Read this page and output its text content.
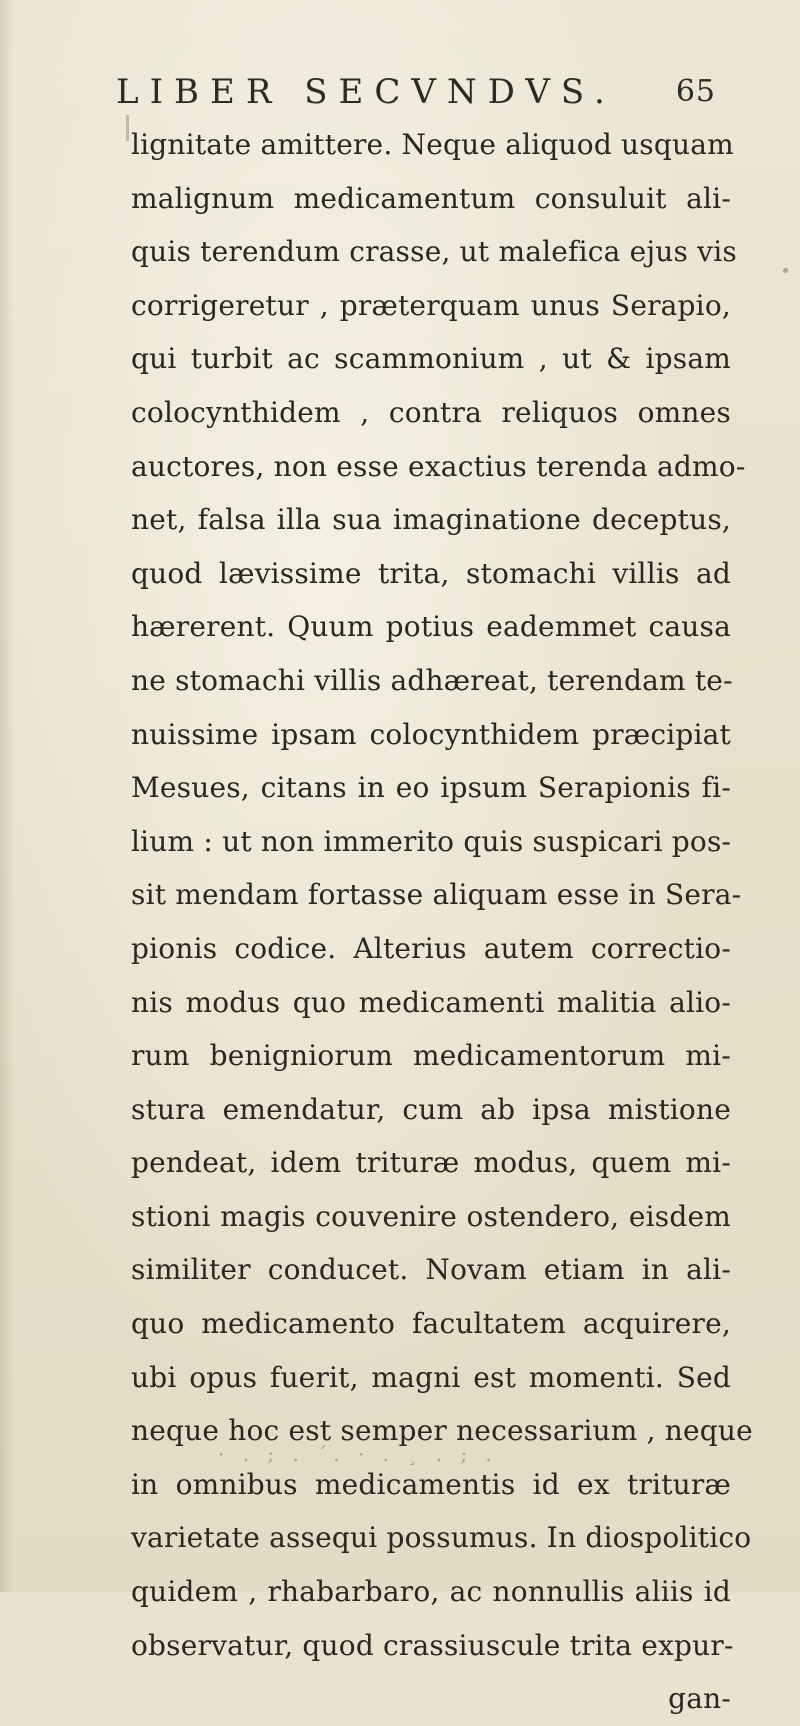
LIBER SECVNDVS. 65
lignitate amittere. Neque aliquod usquam
malignum medicamentum consuluit ali-
quis terendum crasse, ut malefica ejus vis
corrigeretur , præterquam unus Serapio,
qui turbit ac scammonium , ut & ipsam
colocynthidem , contra reliquos omnes
auctores, non esse exactius terenda admo-
net, falsa illa sua imaginatione deceptus,
quod lævissime trita, stomachi villis ad
hærerent. Quum potius eademmet causa
ne stomachi villis adhæreat, terendam te-
nuissime ipsam colocynthidem præcipiat
Mesues, citans in eo ipsum Serapionis fi-
lium : ut non immerito quis suspicari pos-
sit mendam fortasse aliquam esse in Sera-
pionis codice. Alterius autem correctio-
nis modus quo medicamenti malitia alio-
rum benigniorum medicamentorum mi-
stura emendatur, cum ab ipsa mistione
pendeat, idem trituræ modus, quem mi-
stioni magis couvenire ostendero, eisdem
similiter conducet. Novam etiam in ali-
quo medicamento facultatem acquirere,
ubi opus fuerit, magni est momenti. Sed
neque hoc est semper necessarium , neque
in omnibus medicamentis id ex trituræ
varietate assequi possumus. In diospolitico
quidem , rhabarbaro, ac nonnullis aliis id
observatur, quod crassiuscule trita expur-
gan-
· . ; . ´. · . ¸ . ; .
